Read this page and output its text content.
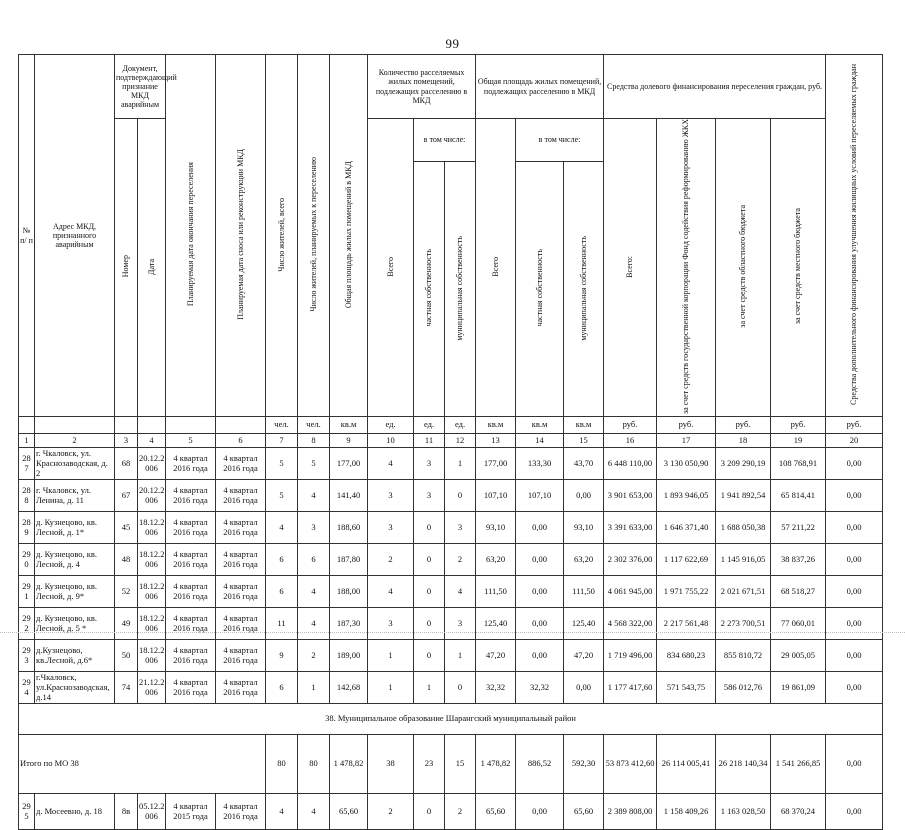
99
№ п/ п	Адрес МКД, признанного аварийным	Документ, подтверждающий признание МКД аварийным		Планируемая дата окончания переселения	Планируемая дата сноса или реконструкции МКД	Число жителей, всего	Число жителей, планируемых к переселению	Общая площадь жилых помещений в МКД	Количество расселяемых жилых помещений, подлежащих расселению в МКД			Общая площадь жилых помещений, подлежащих расселению в МКД			Средства долевого финансирования переселения граждан, руб.				Средства дополнительного финансирования улучшения жилищных условий переселяемых граждан
		Номер	Дата						Всего	в том числе:		Всего	в том числе:		Всего:	за счет средств государственной корпорации Фонд содействия реформированию ЖКХ	за счет средств областного бюджета	за счет средств местного бюджета	
										частная собственность	муниципальная собственность		частная собственность	муниципальная собственность					
						чел.	чел.	кв.м	ед.	ед.	ед.	кв.м	кв.м	кв.м	руб.	руб.	руб.	руб.	руб.
1	2	3	4	5	6	7	8	9	10	11	12	13	14	15	16	17	18	19	20
28 7	г. Чкаловск, ул. Краснозаводская, д. 2	68	20.12.2 006	4 квартал 2016 года	4 квартал 2016 года	5	5	177,00	4	3	1	177,00	133,30	43,70	6 448 110,00	3 130 050,90	3 209 290,19	108 768,91	0,00
28 8	г. Чкаловск, ул. Ленина, д. 11	67	20.12.2 006	4 квартал 2016 года	4 квартал 2016 года	5	4	141,40	3	3	0	107,10	107,10	0,00	3 901 653,00	1 893 946,05	1 941 892,54	65 814,41	0,00
28 9	д. Кузнецово, кв. Лесной, д. 1*	45	18.12.2 006	4 квартал 2016 года	4 квартал 2016 года	4	3	188,60	3	0	3	93,10	0,00	93,10	3 391 633,00	1 646 371,40	1 688 050,38	57 211,22	0,00
29 0	д. Кузнецово, кв. Лесной, д. 4	48	18.12.2 006	4 квартал 2016 года	4 квартал 2016 года	6	6	187,80	2	0	2	63,20	0,00	63,20	2 302 376,00	1 117 622,69	1 145 916,05	38 837,26	0,00
29 1	д. Кузнецово, кв. Лесной, д. 9*	52	18.12.2 006	4 квартал 2016 года	4 квартал 2016 года	6	4	188,00	4	0	4	111,50	0,00	111,50	4 061 945,00	1 971 755,22	2 021 671,51	68 518,27	0,00
29 2	д. Кузнецово, кв. Лесной, д. 5 *	49	18.12.2 006	4 квартал 2016 года	4 квартал 2016 года	11	4	187,30	3	0	3	125,40	0,00	125,40	4 568 322,00	2 217 561,48	2 273 700,51	77 060,01	0,00
29 3	д.Кузнецово, кв.Лесной, д.6*	50	18.12.2 006	4 квартал 2016 года	4 квартал 2016 года	9	2	189,00	1	0	1	47,20	0,00	47,20	1 719 496,00	834 680,23	855 810,72	29 005,05	0,00
29 4	г.Чкаловск, ул.Краснозаводская, д.14	74	21.12.2 006	4 квартал 2016 года	4 квартал 2016 года	6	1	142,68	1	1	0	32,32	32,32	0,00	1 177 417,60	571 543,75	586 012,76	19 861,09	0,00
38. Муниципальное образование Шарангский муниципальный район																			
Итого по МО 38						80	80	1 478,82	38	23	15	1 478,82	886,52	592,30	53 873 412,60	26 114 005,41	26 218 140,34	1 541 266,85	0,00
29 5	д. Мосеевно, д. 18	8в	05.12.2 006	4 квартал 2015 года	4 квартал 2016 года	4	4	65,60	2	0	2	65,60	0,00	65,60	2 389 808,00	1 158 409,26	1 163 028,50	68 370,24	0,00
